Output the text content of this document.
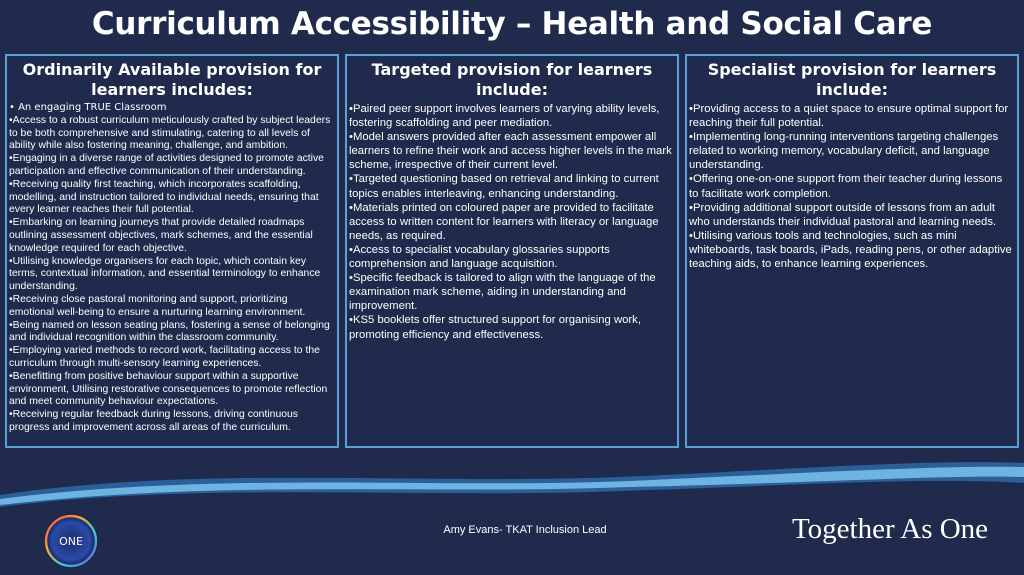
Curriculum Accessibility – Health and Social Care
Ordinarily Available provision for learners includes:
• An engaging TRUE Classroom
•Access to a robust curriculum meticulously crafted by subject leaders to be both comprehensive and stimulating, catering to all levels of ability while also fostering meaning, challenge, and ambition.
•Engaging in a diverse range of activities designed to promote active participation and effective communication of their understanding.
•Receiving quality first teaching, which incorporates scaffolding, modelling, and instruction tailored to individual needs, ensuring that every learner reaches their full potential.
•Embarking on learning journeys that provide detailed roadmaps outlining assessment objectives, mark schemes, and the essential knowledge required for each objective.
•Utilising knowledge organisers for each topic, which contain key terms, contextual information, and essential terminology to enhance understanding.
•Receiving close pastoral monitoring and support, prioritizing emotional well-being to ensure a nurturing learning environment.
•Being named on lesson seating plans, fostering a sense of belonging and individual recognition within the classroom community.
•Employing varied methods to record work, facilitating access to the curriculum through multi-sensory learning experiences.
•Benefitting from positive behaviour support within a supportive environment, Utilising restorative consequences to promote reflection and meet community behaviour expectations.
•Receiving regular feedback during lessons, driving continuous progress and improvement across all areas of the curriculum.
Targeted provision for learners include:
•Paired peer support involves learners of varying ability levels, fostering scaffolding and peer mediation.
•Model answers provided after each assessment empower all learners to refine their work and access higher levels in the mark scheme, irrespective of their current level.
•Targeted questioning based on retrieval and linking to current topics enables interleaving, enhancing understanding.
•Materials printed on coloured paper are provided to facilitate access to written content for learners with literacy or language needs, as required.
•Access to specialist vocabulary glossaries supports comprehension and language acquisition.
•Specific feedback is tailored to align with the language of the examination mark scheme, aiding in understanding and improvement.
•KS5 booklets offer structured support for organising work, promoting efficiency and effectiveness.
Specialist provision for learners include:
•Providing access to a quiet space to ensure optimal support for reaching their full potential.
•Implementing long-running interventions targeting challenges related to working memory, vocabulary deficit, and language understanding.
•Offering one-on-one support from their teacher during lessons to facilitate work completion.
•Providing additional support outside of lessons from an adult who understands their individual pastoral and learning needs.
•Utilising various tools and technologies, such as mini whiteboards, task boards, iPads, reading pens, or other adaptive teaching aids, to enhance learning experiences.
ONE
Amy Evans- TKAT Inclusion Lead	Together As One
